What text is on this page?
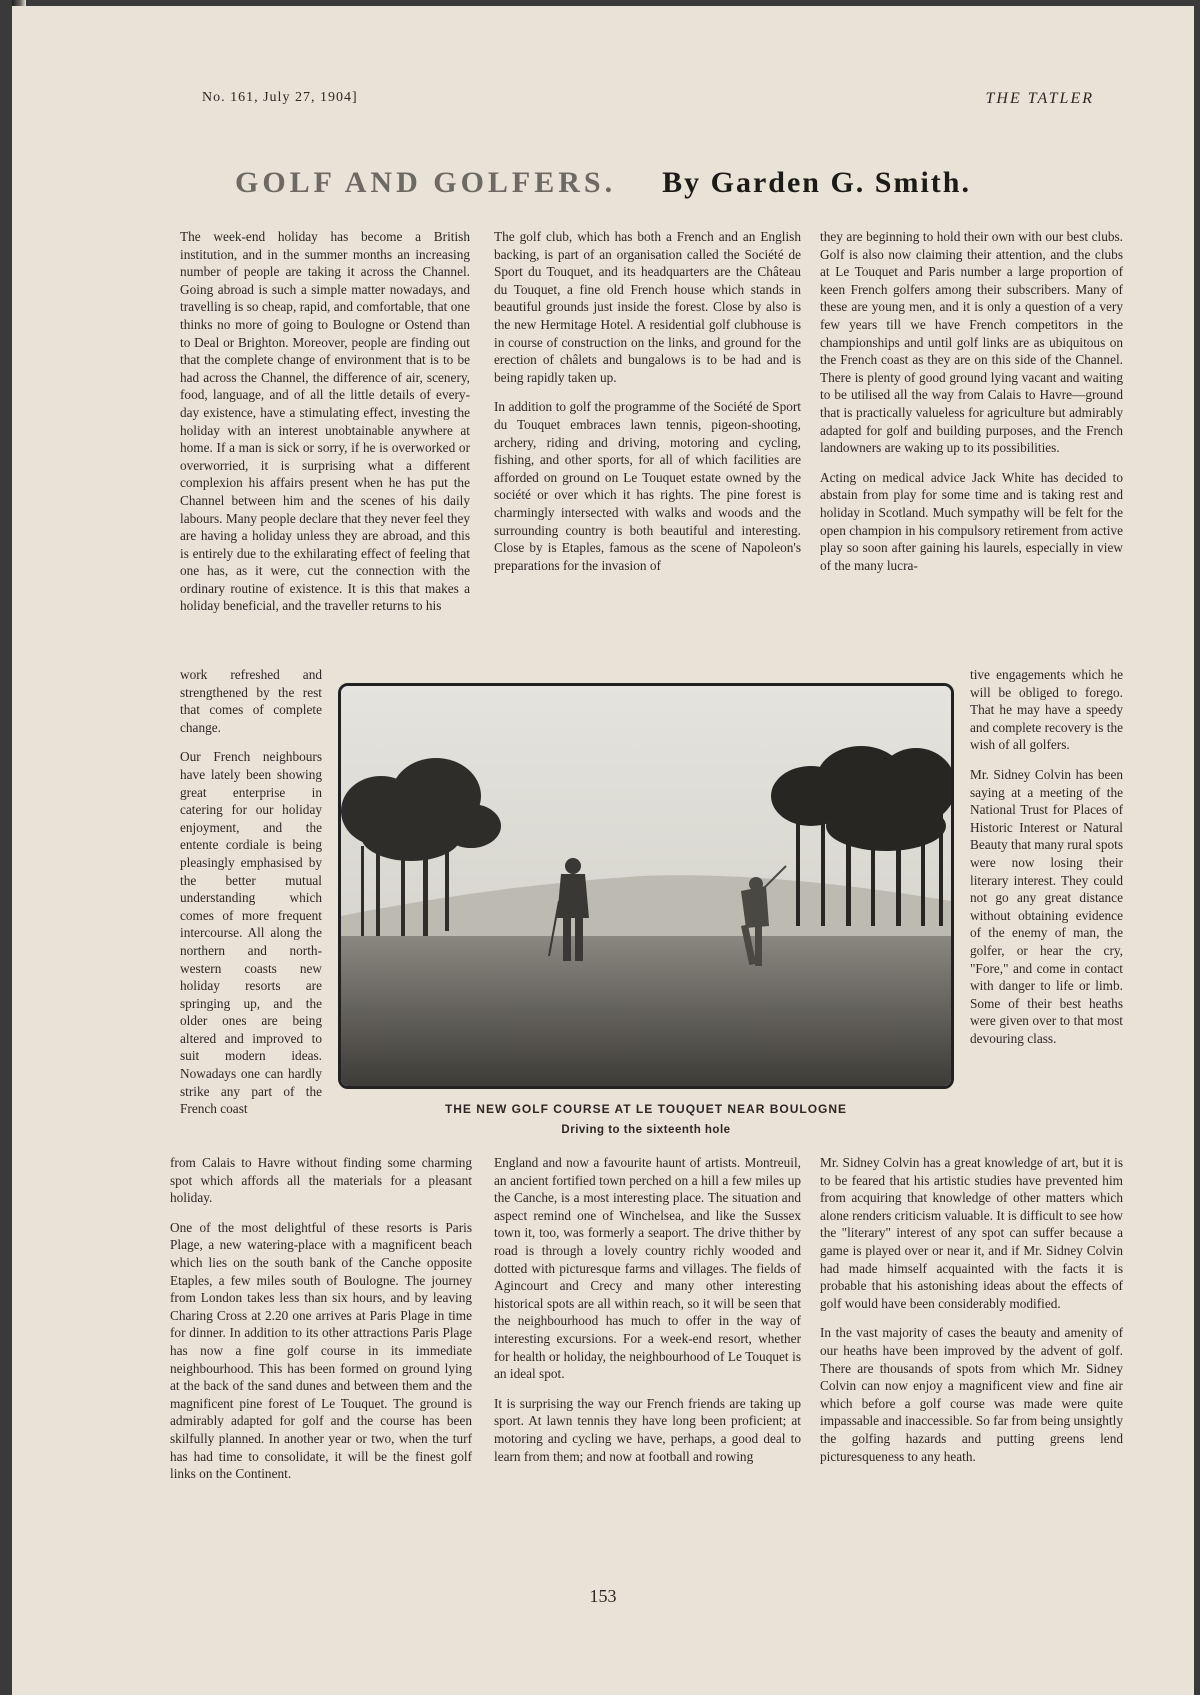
No. 161, July 27, 1904]	THE TATLER
GOLF AND GOLFERS. By Garden G. Smith.

The week-end holiday has become a British institution, and in the summer months an increasing number of people are taking it across the Channel. Going abroad is such a simple matter nowadays, and travelling is so cheap, rapid, and comfortable, that one thinks no more of going to Boulogne or Ostend than to Deal or Brighton. Moreover, people are finding out that the complete change of environment that is to be had across the Channel, the difference of air, scenery, food, language, and of all the little details of every-day existence, have a stimulating effect, investing the holiday with an interest unobtainable anywhere at home. If a man is sick or sorry, if he is overworked or overworried, it is surprising what a different complexion his affairs present when he has put the Channel between him and the scenes of his daily labours. Many people declare that they never feel they are having a holiday unless they are abroad, and this is entirely due to the exhilarating effect of feeling that one has, as it were, cut the connection with the ordinary routine of existence. It is this that makes a holiday beneficial, and the traveller returns to his

work refreshed and strengthened by the rest that comes of complete change.

Our French neighbours have lately been showing great enterprise in catering for our holiday enjoyment, and the entente cordiale is being pleasingly emphasised by the better mutual understanding which comes of more frequent intercourse. All along the northern and north-western coasts new holiday resorts are springing up, and the older ones are being altered and improved to suit modern ideas. Nowadays one can hardly strike any part of the French coast

from Calais to Havre without finding some charming spot which affords all the materials for a pleasant holiday.

One of the most delightful of these resorts is Paris Plage, a new watering-place with a magnificent beach which lies on the south bank of the Canche opposite Etaples, a few miles south of Boulogne. The journey from London takes less than six hours, and by leaving Charing Cross at 2.20 one arrives at Paris Plage in time for dinner. In addition to its other attractions Paris Plage has now a fine golf course in its immediate neighbourhood. This has been formed on ground lying at the back of the sand dunes and between them and the magnificent pine forest of Le Touquet. The ground is admirably adapted for golf and the course has been skilfully planned. In another year or two, when the turf has had time to consolidate, it will be the finest golf links on the Continent.

The golf club, which has both a French and an English backing, is part of an organisation called the Société de Sport du Touquet, and its headquarters are the Château du Touquet, a fine old French house which stands in beautiful grounds just inside the forest. Close by also is the new Hermitage Hotel. A residential golf clubhouse is in course of construction on the links, and ground for the erection of châlets and bungalows is to be had and is being rapidly taken up.

In addition to golf the programme of the Société de Sport du Touquet embraces lawn tennis, pigeon-shooting, archery, riding and driving, motoring and cycling, fishing, and other sports, for all of which facilities are afforded on ground on Le Touquet estate owned by the société or over which it has rights. The pine forest is charmingly intersected with walks and woods and the surrounding country is both beautiful and interesting. Close by is Etaples, famous as the scene of Napoleon's preparations for the invasion of

England and now a favourite haunt of artists. Montreuil, an ancient fortified town perched on a hill a few miles up the Canche, is a most interesting place. The situation and aspect remind one of Winchelsea, and like the Sussex town it, too, was formerly a seaport. The drive thither by road is through a lovely country richly wooded and dotted with picturesque farms and villages. The fields of Agincourt and Crecy and many other interesting historical spots are all within reach, so it will be seen that the neighbourhood has much to offer in the way of interesting excursions. For a week-end resort, whether for health or holiday, the neighbourhood of Le Touquet is an ideal spot.

It is surprising the way our French friends are taking up sport. At lawn tennis they have long been proficient; at motoring and cycling we have, perhaps, a good deal to learn from them; and now at football and rowing

they are beginning to hold their own with our best clubs. Golf is also now claiming their attention, and the clubs at Le Touquet and Paris number a large proportion of keen French golfers among their subscribers. Many of these are young men, and it is only a question of a very few years till we have French competitors in the championships and until golf links are as ubiquitous on the French coast as they are on this side of the Channel. There is plenty of good ground lying vacant and waiting to be utilised all the way from Calais to Havre—ground that is practically valueless for agriculture but admirably adapted for golf and building purposes, and the French landowners are waking up to its possibilities.

Acting on medical advice Jack White has decided to abstain from play for some time and is taking rest and holiday in Scotland. Much sympathy will be felt for the open champion in his compulsory retirement from active play so soon after gaining his laurels, especially in view of the many lucra-

tive engagements which he will be obliged to forego. That he may have a speedy and complete recovery is the wish of all golfers.

Mr. Sidney Colvin has been saying at a meeting of the National Trust for Places of Historic Interest or Natural Beauty that many rural spots were now losing their literary interest. They could not go any great distance without obtaining evidence of the enemy of man, the golfer, or hear the cry, "Fore," and come in contact with danger to life or limb. Some of their best heaths were given over to that most devouring class.

Mr. Sidney Colvin has a great knowledge of art, but it is to be feared that his artistic studies have prevented him from acquiring that knowledge of other matters which alone renders criticism valuable. It is difficult to see how the "literary" interest of any spot can suffer because a game is played over or near it, and if Mr. Sidney Colvin had made himself acquainted with the facts it is probable that his astonishing ideas about the effects of golf would have been considerably modified.

In the vast majority of cases the beauty and amenity of our heaths have been improved by the advent of golf. There are thousands of spots from which Mr. Sidney Colvin can now enjoy a magnificent view and fine air which before a golf course was made were quite impassable and inaccessible. So far from being unsightly the golfing hazards and putting greens lend picturesqueness to any heath.

THE NEW GOLF COURSE AT LE TOUQUET NEAR BOULOGNE
Driving to the sixteenth hole
153
